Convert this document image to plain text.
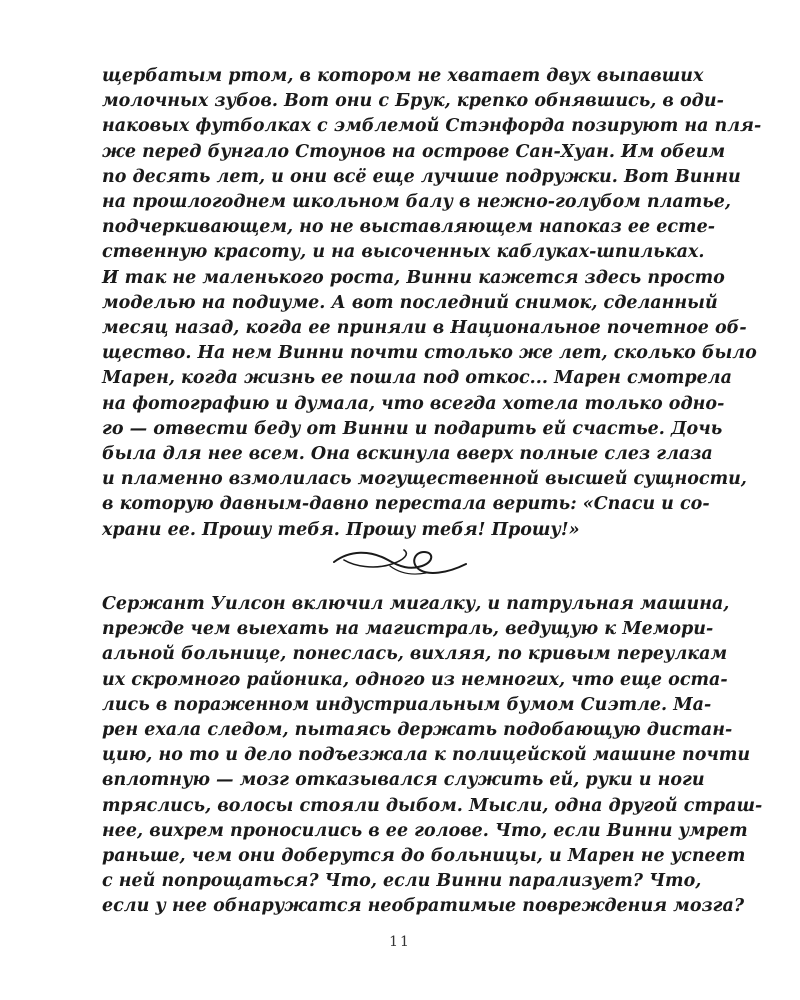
щербатым ртом, в котором не хватает двух выпавших
молочных зубов. Вот они с Брук, крепко обнявшись, в оди-
наковых футболках с эмблемой Стэнфорда позируют на пля-
же перед бунгало Стоунов на острове Сан-Хуан. Им обеим
по десять лет, и они всё еще лучшие подружки. Вот Винни
на прошлогоднем школьном балу в нежно-голубом платье,
подчеркивающем, но не выставляющем напоказ ее есте-
ственную красоту, и на высоченных каблуках-шпильках.
И так не маленького роста, Винни кажется здесь просто
моделью на подиуме. А вот последний снимок, сделанный
месяц назад, когда ее приняли в Национальное почетное об-
щество. На нем Винни почти столько же лет, сколько было
Марен, когда жизнь ее пошла под откос... Марен смотрела
на фотографию и думала, что всегда хотела только одно-
го — отвести беду от Винни и подарить ей счастье. Дочь
была для нее всем. Она вскинула вверх полные слез глаза
и пламенно взмолилась могущественной высшей сущности,
в которую давным-давно перестала верить: «Спаси и со-
храни ее. Прошу тебя. Прошу тебя! Прошу!»
Сержант Уилсон включил мигалку, и патрульная машина,
прежде чем выехать на магистраль, ведущую к Мемори-
альной больнице, понеслась, вихляя, по кривым переулкам
их скромного районика, одного из немногих, что еще оста-
лись в пораженном индустриальным бумом Сиэтле. Ма-
рен ехала следом, пытаясь держать подобающую дистан-
цию, но то и дело подъезжала к полицейской машине почти
вплотную — мозг отказывался служить ей, руки и ноги
тряслись, волосы стояли дыбом. Мысли, одна другой страш-
нее, вихрем проносились в ее голове. Что, если Винни умрет
раньше, чем они доберутся до больницы, и Марен не успеет
с ней попрощаться? Что, если Винни парализует? Что,
если у нее обнаружатся необратимые повреждения мозга?
11
